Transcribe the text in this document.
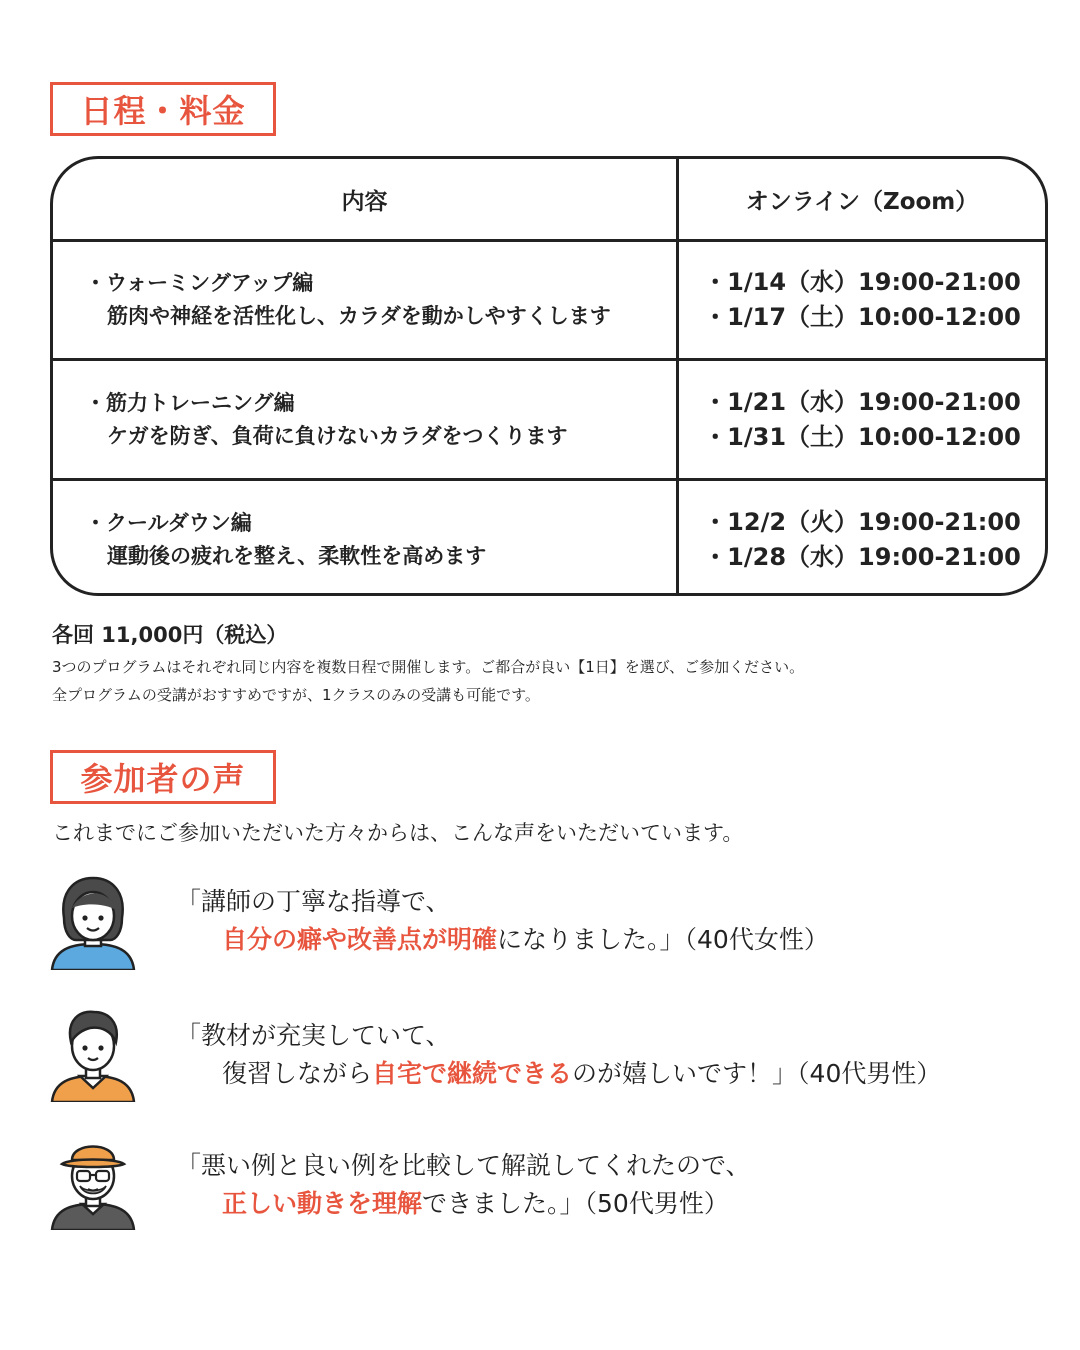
日程・料金
内容	オンライン（Zoom）
・ウォーミングアップ編
筋肉や神経を活性化し、カラダを動かしやすくします
・1/14（水）19:00-21:00
・1/17（土）10:00-12:00
・筋力トレーニング編
ケガを防ぎ、負荷に負けないカラダをつくります
・1/21（水）19:00-21:00
・1/31（土）10:00-12:00
・クールダウン編
運動後の疲れを整え、柔軟性を高めます
・12/2（火）19:00-21:00
・1/28（水）19:00-21:00
各回 11,000円（税込）
3つのプログラムはそれぞれ同じ内容を複数日程で開催します。ご都合が良い【1日】を選び、ご参加ください。
全プログラムの受講がおすすめですが、1クラスのみの受講も可能です。
参加者の声
これまでにご参加いただいた方々からは、こんな声をいただいています。
「講師の丁寧な指導で、
自分の癖や改善点が明確になりました。」（40代女性）
「教材が充実していて、
復習しながら自宅で継続できるのが嬉しいです！」（40代男性）
「悪い例と良い例を比較して解説してくれたので、
正しい動きを理解できました。」（50代男性）
